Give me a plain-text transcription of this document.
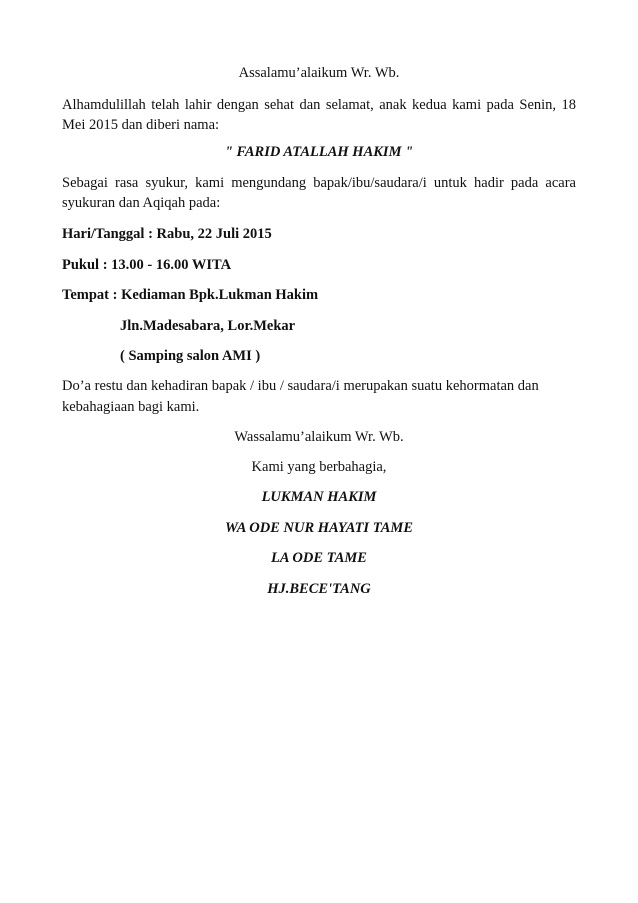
Assalamu’alaikum Wr. Wb.
Alhamdulillah telah lahir dengan sehat dan selamat, anak kedua kami pada Senin, 18
Mei 2015 dan diberi nama:
" FARID ATALLAH HAKIM "
Sebagai rasa syukur, kami mengundang bapak/ibu/saudara/i untuk hadir pada acara
syukuran dan Aqiqah pada:
Hari/Tanggal : Rabu, 22 Juli 2015
Pukul : 13.00 - 16.00 WITA
Tempat : Kediaman Bpk.Lukman Hakim
Jln.Madesabara, Lor.Mekar
( Samping salon AMI )
Do’a restu dan kehadiran bapak / ibu / saudara/i merupakan suatu kehormatan dan
kebahagiaan bagi kami.
Wassalamu’alaikum Wr. Wb.
Kami yang berbahagia,
LUKMAN HAKIM
WA ODE NUR HAYATI TAME
LA ODE TAME
HJ.BECE'TANG
